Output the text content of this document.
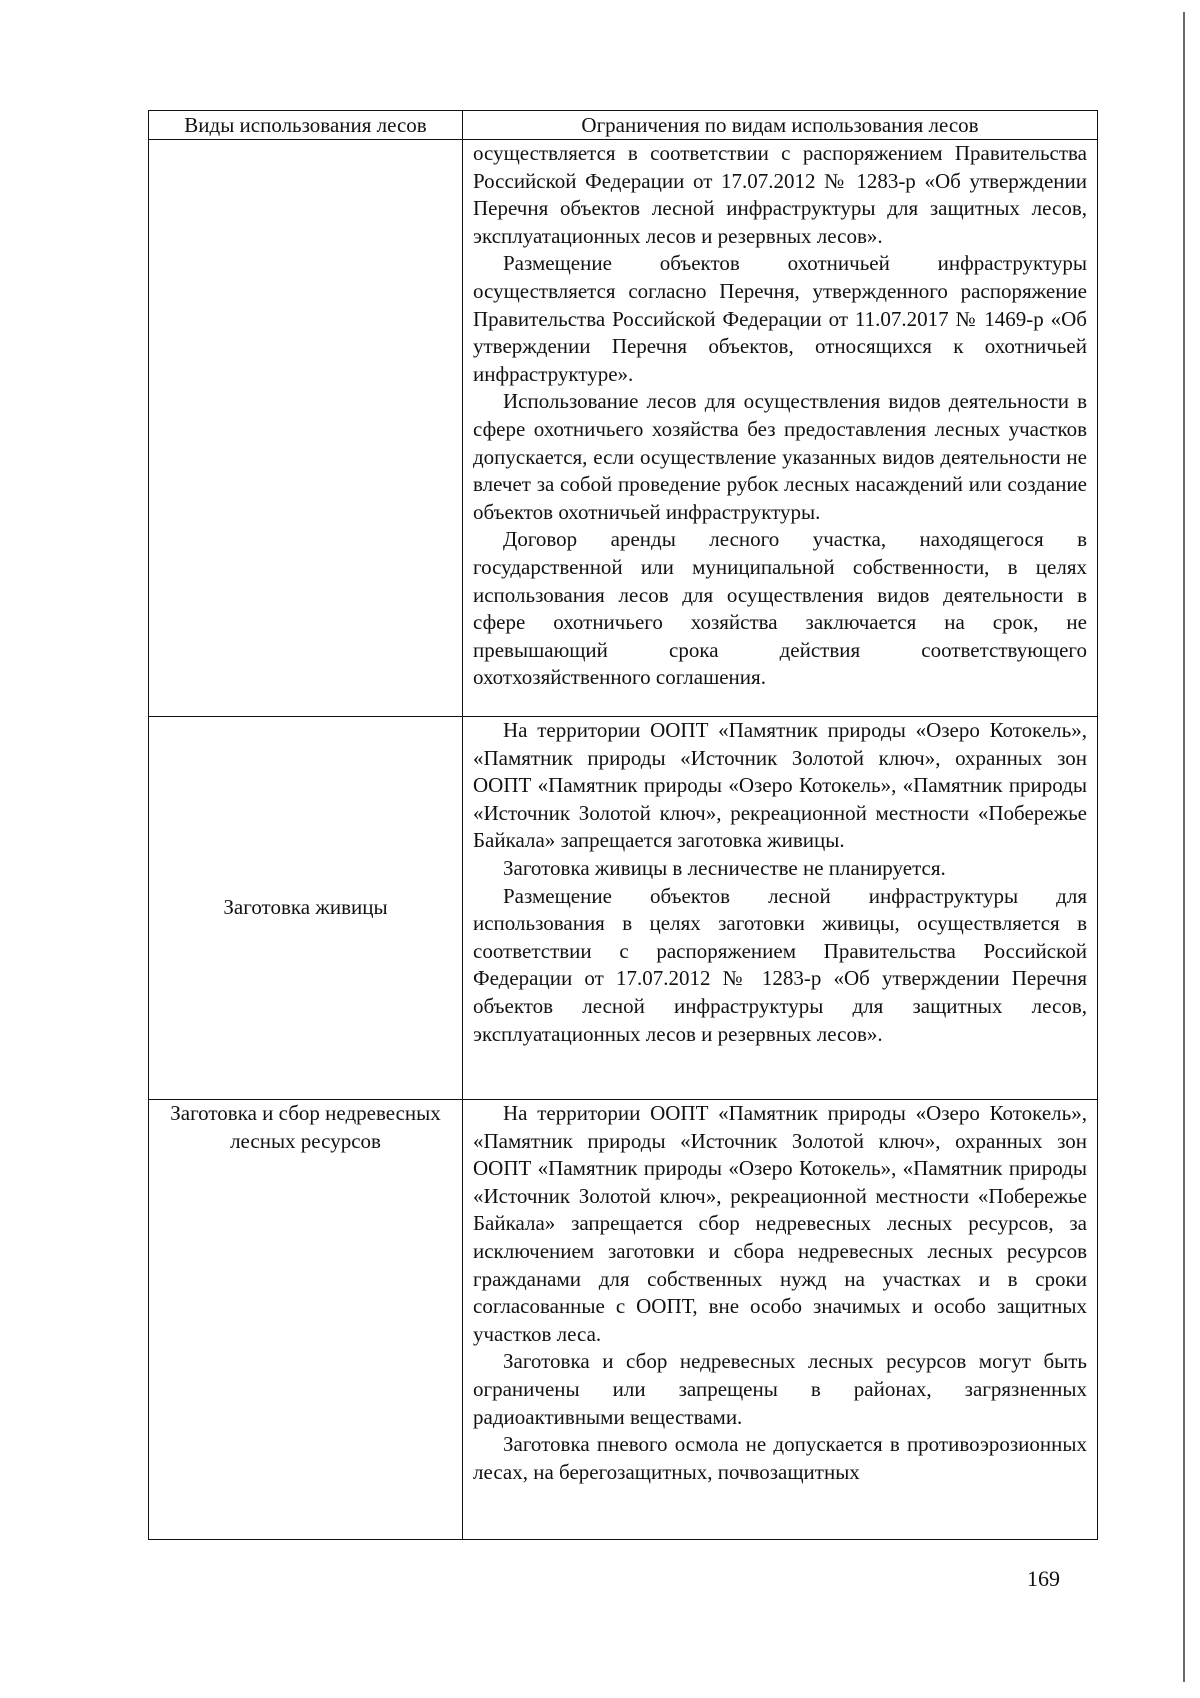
Виды использования лесов	Ограничения по видам использования лесов

	осуществляется в соответствии с распоряжением Правительства Российской Федерации от 17.07.2012 № 1283-р «Об утверждении Перечня объектов лесной инфраструктуры для защитных лесов, эксплуатационных лесов и резервных лесов».

Размещение объектов охотничьей инфраструктуры осуществляется согласно Перечня, утвержденного распоряжение Правительства Российской Федерации от 11.07.2017 № 1469-р «Об утверждении Перечня объектов, относящихся к охотничьей инфраструктуре».

Использование лесов для осуществления видов деятельности в сфере охотничьего хозяйства без предоставления лесных участков допускается, если осуществление указанных видов деятельности не влечет за собой проведение рубок лесных насаждений или создание объектов охотничьей инфраструктуры.

Договор аренды лесного участка, находящегося в государственной или муниципальной собственности, в целях использования лесов для осуществления видов деятельности в сфере охотничьего хозяйства заключается на срок, не превышающий срока действия соответствующего охотхозяйственного соглашения.

Заготовка живицы	На территории ООПТ «Памятник природы «Озеро Котокель», «Памятник природы «Источник Золотой ключ», охранных зон ООПТ «Памятник природы «Озеро Котокель», «Памятник природы «Источник Золотой ключ», рекреационной местности «Побережье Байкала» запрещается заготовка живицы.

Заготовка живицы в лесничестве не планируется.

Размещение объектов лесной инфраструктуры для использования в целях заготовки живицы, осуществляется в соответствии с распоряжением Правительства Российской Федерации от 17.07.2012 № 1283-р «Об утверждении Перечня объектов лесной инфраструктуры для защитных лесов, эксплуатационных лесов и резервных лесов».

Заготовка и сбор недревесных лесных ресурсов	На территории ООПТ «Памятник природы «Озеро Котокель», «Памятник природы «Источник Золотой ключ», охранных зон ООПТ «Памятник природы «Озеро Котокель», «Памятник природы «Источник Золотой ключ», рекреационной местности «Побережье Байкала» запрещается сбор недревесных лесных ресурсов, за исключением заготовки и сбора недревесных лесных ресурсов гражданами для собственных нужд на участках и в сроки согласованные с ООПТ, вне особо значимых и особо защитных участков леса.

Заготовка и сбор недревесных лесных ресурсов могут быть ограничены или запрещены в районах, загрязненных радиоактивными веществами.

Заготовка пневого осмола не допускается в противоэрозионных лесах, на берегозащитных, почвозащитных

169
